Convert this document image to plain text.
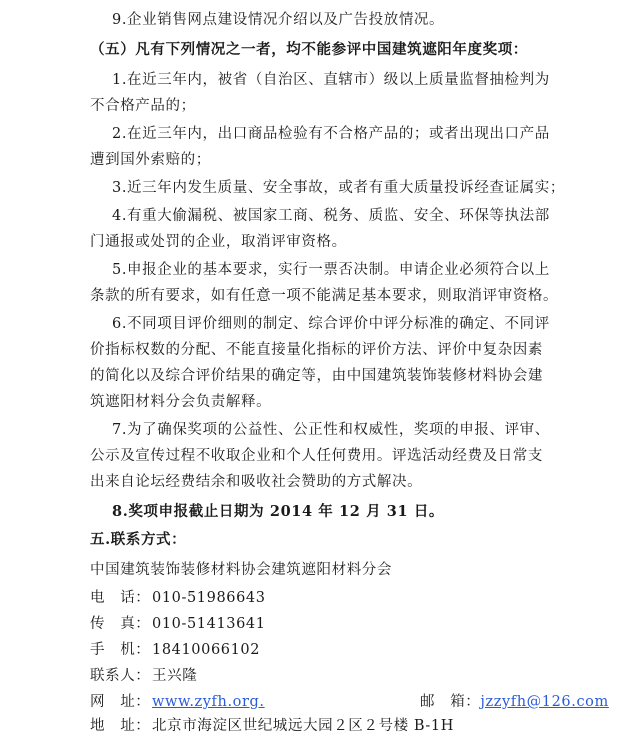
9.企业销售网点建设情况介绍以及广告投放情况。
（五）凡有下列情况之一者，均不能参评中国建筑遮阳年度奖项：
1.在近三年内，被省（自治区、直辖市）级以上质量监督抽检判为
不合格产品的；
2.在近三年内，出口商品检验有不合格产品的；或者出现出口产品
遭到国外索赔的；
3.近三年内发生质量、安全事故，或者有重大质量投诉经查证属实；
4.有重大偷漏税、被国家工商、税务、质监、安全、环保等执法部
门通报或处罚的企业，取消评审资格。
5.申报企业的基本要求，实行一票否决制。申请企业必须符合以上
条款的所有要求，如有任意一项不能满足基本要求，则取消评审资格。
6.不同项目评价细则的制定、综合评价中评分标准的确定、不同评
价指标权数的分配、不能直接量化指标的评价方法、评价中复杂因素
的简化以及综合评价结果的确定等，由中国建筑装饰装修材料协会建
筑遮阳材料分会负责解释。
7.为了确保奖项的公益性、公正性和权威性，奖项的申报、评审、
公示及宣传过程不收取企业和个人任何费用。评选活动经费及日常支
出来自论坛经费结余和吸收社会赞助的方式解决。
8.奖项申报截止日期为 2014 年 12 月 31 日。
五.联系方式：
中国建筑装饰装修材料协会建筑遮阳材料分会
电　话： 010-51986643
传　真： 010-51413641
手　机： 18410066102
联系人： 王兴隆
网　址： www.zyfh.org.	邮　箱：jzzyfh@126.com
地　址： 北京市海淀区世纪城远大园２区２号楼 B-1H
